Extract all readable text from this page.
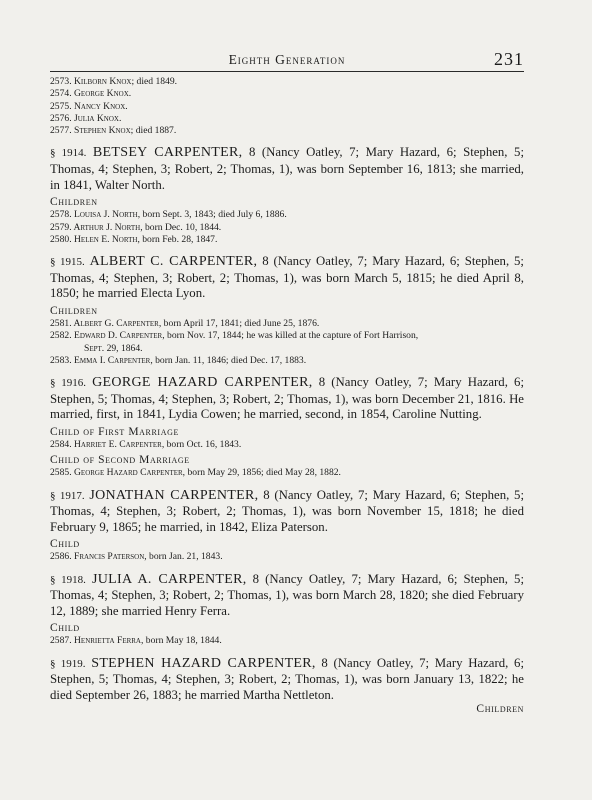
Eighth Generation	231
2573. Kilborn Knox; died 1849.
2574. George Knox.
2575. Nancy Knox.
2576. Julia Knox.
2577. Stephen Knox; died 1887.
§ 1914. BETSEY CARPENTER, 8 (Nancy Oatley, 7; Mary Hazard, 6; Stephen, 5; Thomas, 4; Stephen, 3; Robert, 2; Thomas, 1), was born September 16, 1813; she married, in 1841, Walter North.
Children
2578. Louisa J. North, born Sept. 3, 1843; died July 6, 1886.
2579. Arthur J. North, born Dec. 10, 1844.
2580. Helen E. North, born Feb. 28, 1847.
§ 1915. ALBERT C. CARPENTER, 8 (Nancy Oatley, 7; Mary Hazard, 6; Stephen, 5; Thomas, 4; Stephen, 3; Robert, 2; Thomas, 1), was born March 5, 1815; he died April 8, 1850; he married Electa Lyon.
Children
2581. Albert G. Carpenter, born April 17, 1841; died June 25, 1876.
2582. Edward D. Carpenter, born Nov. 17, 1844; he was killed at the capture of Fort Harrison,
Sept. 29, 1864.
2583. Emma I. Carpenter, born Jan. 11, 1846; died Dec. 17, 1883.
§ 1916. GEORGE HAZARD CARPENTER, 8 (Nancy Oatley, 7; Mary Hazard, 6; Stephen, 5; Thomas, 4; Stephen, 3; Robert, 2; Thomas, 1), was born December 21, 1816. He married, first, in 1841, Lydia Cowen; he married, second, in 1854, Caroline Nutting.
Child of First Marriage
2584. Harriet E. Carpenter, born Oct. 16, 1843.
Child of Second Marriage
2585. George Hazard Carpenter, born May 29, 1856; died May 28, 1882.
§ 1917. JONATHAN CARPENTER, 8 (Nancy Oatley, 7; Mary Hazard, 6; Stephen, 5; Thomas, 4; Stephen, 3; Robert, 2; Thomas, 1), was born November 15, 1818; he died February 9, 1865; he married, in 1842, Eliza Paterson.
Child
2586. Francis Paterson, born Jan. 21, 1843.
§ 1918. JULIA A. CARPENTER, 8 (Nancy Oatley, 7; Mary Hazard, 6; Stephen, 5; Thomas, 4; Stephen, 3; Robert, 2; Thomas, 1), was born March 28, 1820; she died February 12, 1889; she married Henry Ferra.
Child
2587. Henrietta Ferra, born May 18, 1844.
§ 1919. STEPHEN HAZARD CARPENTER, 8 (Nancy Oatley, 7; Mary Hazard, 6; Stephen, 5; Thomas, 4; Stephen, 3; Robert, 2; Thomas, 1), was born January 13, 1822; he died September 26, 1883; he married Martha Nettleton.
Children
